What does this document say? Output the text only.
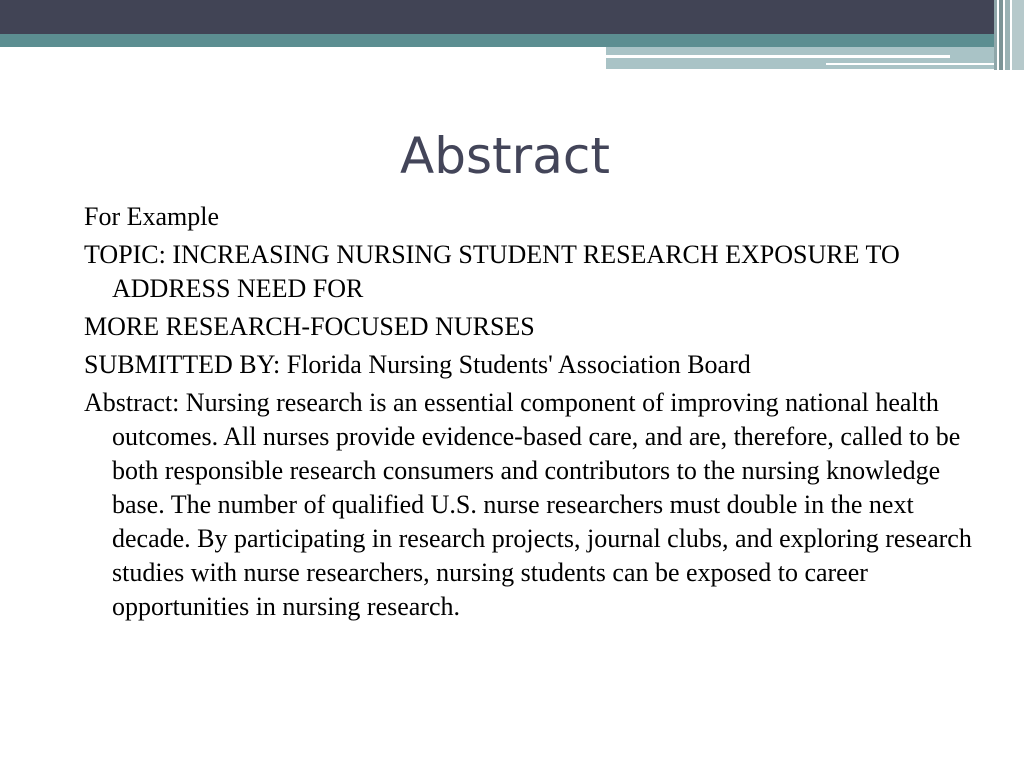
Abstract

For Example

TOPIC: INCREASING NURSING STUDENT RESEARCH EXPOSURE TO ADDRESS NEED FOR

MORE RESEARCH-FOCUSED NURSES

SUBMITTED BY: Florida Nursing Students' Association Board

Abstract: Nursing research is an essential component of improving national health outcomes. All nurses provide evidence-based care, and are, therefore, called to be both responsible research consumers and contributors to the nursing knowledge base. The number of qualified U.S. nurse researchers must double in the next decade. By participating in research projects, journal clubs, and exploring research studies with nurse researchers, nursing students can be exposed to career opportunities in nursing research.
